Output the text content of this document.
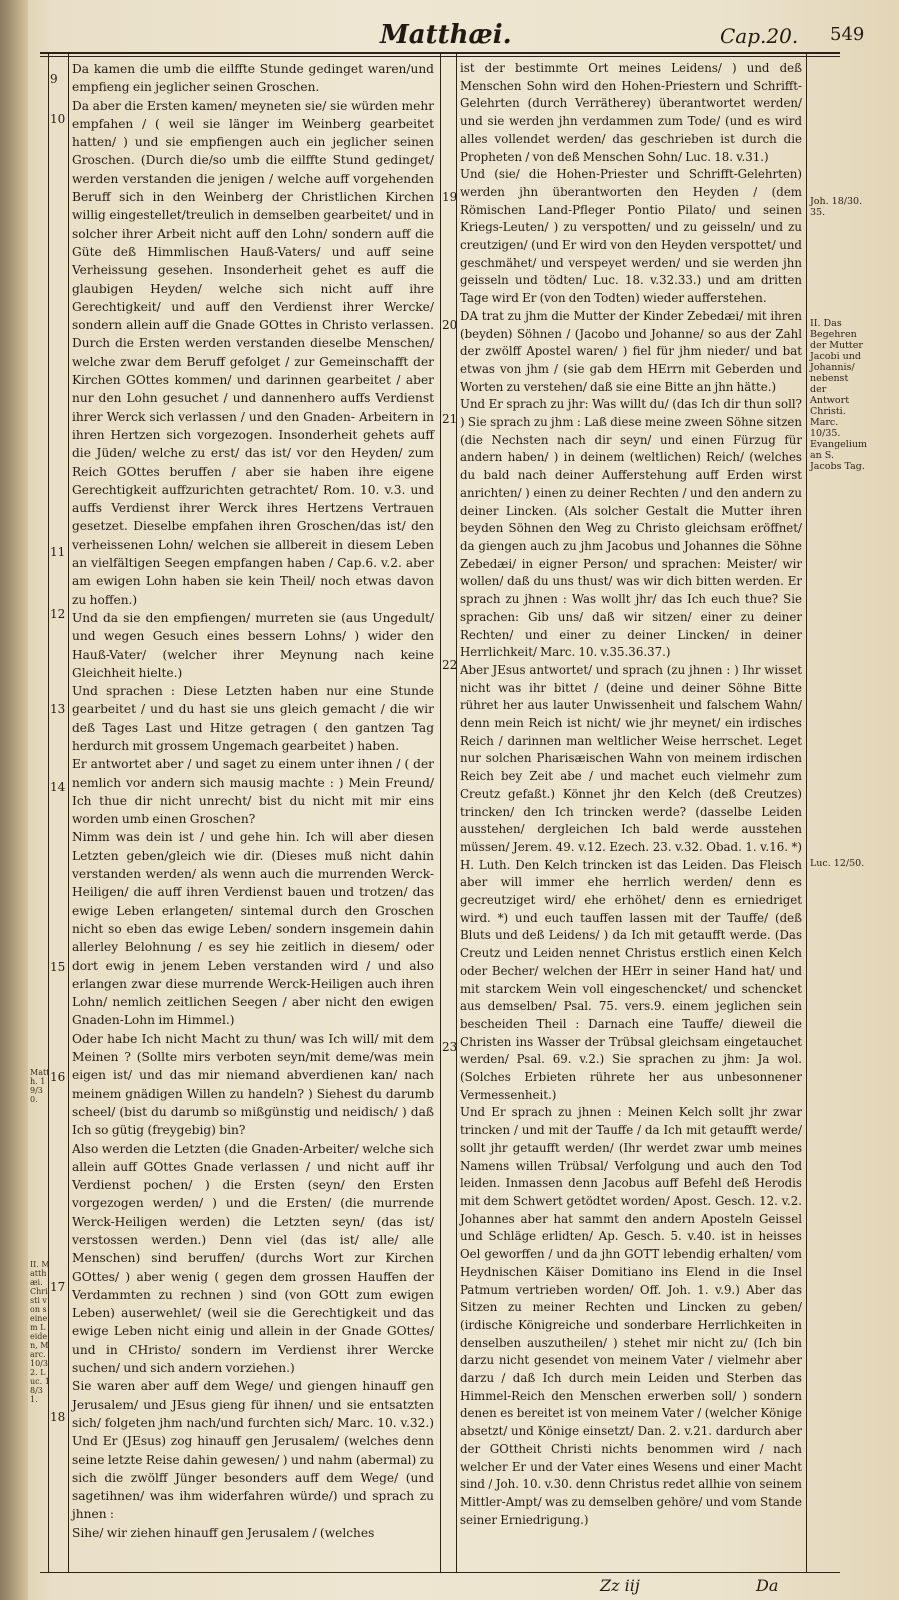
Matthæi.	Cap.20. 549
9
10
11
12
13
14
15
16
17
18
19
20
21
22
23
Joh. 18/30. 35.
II. Das Begehren der Mutter Jacobi und Johannis/ nebenst der Antwort Christi. Marc. 10/35. Evangelium an S. Jacobs Tag.
Luc. 12/50.
Matth. 19/30.
II. Matthæi. Christi von seinem Leiden, Marc. 10/32. Luc. 18/31.

Da kamen die umb die eilffte Stunde gedinget waren/und empfieng ein jeglicher seinen Groschen.

Da aber die Ersten kamen/ meyneten sie/ sie würden mehr empfahen / ( weil sie länger im Weinberg gearbeitet hatten/ ) und sie empfiengen auch ein jeglicher seinen Groschen. (Durch die/so umb die eilffte Stund gedinget/ werden verstanden die jenigen / welche auff vorgehenden Beruff sich in den Weinberg der Christlichen Kirchen willig eingestellet/treulich in demselben gearbeitet/ und in solcher ihrer Arbeit nicht auff den Lohn/ sondern auff die Güte deß Himmlischen Hauß-Vaters/ und auff seine Verheissung gesehen. Insonderheit gehet es auff die glaubigen Heyden/ welche sich nicht auff ihre Gerechtigkeit/ und auff den Verdienst ihrer Wercke/ sondern allein auff die Gnade GOttes in Christo verlassen. Durch die Ersten werden verstanden dieselbe Menschen/ welche zwar dem Beruff gefolget / zur Gemeinschafft der Kirchen GOttes kommen/ und darinnen gearbeitet / aber nur den Lohn gesuchet / und dannenhero auffs Verdienst ihrer Werck sich verlassen / und den Gnaden- Arbeitern in ihren Hertzen sich vorgezogen. Insonderheit gehets auff die Jüden/ welche zu erst/ das ist/ vor den Heyden/ zum Reich GOttes beruffen / aber sie haben ihre eigene Gerechtigkeit auffzurichten getrachtet/ Rom. 10. v.3. und auffs Verdienst ihrer Werck ihres Hertzens Vertrauen gesetzet. Dieselbe empfahen ihren Groschen/das ist/ den verheissenen Lohn/ welchen sie allbereit in diesem Leben an vielfältigen Seegen empfangen haben / Cap.6. v.2. aber am ewigen Lohn haben sie kein Theil/ noch etwas davon zu hoffen.)

Und da sie den empfiengen/ murreten sie (aus Ungedult/ und wegen Gesuch eines bessern Lohns/ ) wider den Hauß-Vater/ (welcher ihrer Meynung nach keine Gleichheit hielte.)

Und sprachen : Diese Letzten haben nur eine Stunde gearbeitet / und du hast sie uns gleich gemacht / die wir deß Tages Last und Hitze getragen ( den gantzen Tag herdurch mit grossem Ungemach gearbeitet ) haben.

Er antwortet aber / und saget zu einem unter ihnen / ( der nemlich vor andern sich mausig machte : ) Mein Freund/ Ich thue dir nicht unrecht/ bist du nicht mit mir eins worden umb einen Groschen?

Nimm was dein ist / und gehe hin. Ich will aber diesen Letzten geben/gleich wie dir. (Dieses muß nicht dahin verstanden werden/ als wenn auch die murrenden Werck-Heiligen/ die auff ihren Verdienst bauen und trotzen/ das ewige Leben erlangeten/ sintemal durch den Groschen nicht so eben das ewige Leben/ sondern insgemein dahin allerley Belohnung / es sey hie zeitlich in diesem/ oder dort ewig in jenem Leben verstanden wird / und also erlangen zwar diese murrende Werck-Heiligen auch ihren Lohn/ nemlich zeitlichen Seegen / aber nicht den ewigen Gnaden-Lohn im Himmel.)

Oder habe Ich nicht Macht zu thun/ was Ich will/ mit dem Meinen ? (Sollte mirs verboten seyn/mit deme/was mein eigen ist/ und das mir niemand abverdienen kan/ nach meinem gnädigen Willen zu handeln? ) Siehest du darumb scheel/ (bist du darumb so mißgünstig und neidisch/ ) daß Ich so gütig (freygebig) bin?

Also werden die Letzten (die Gnaden-Arbeiter/ welche sich allein auff GOttes Gnade verlassen / und nicht auff ihr Verdienst pochen/ ) die Ersten (seyn/ den Ersten vorgezogen werden/ ) und die Ersten/ (die murrende Werck-Heiligen werden) die Letzten seyn/ (das ist/ verstossen werden.) Denn viel (das ist/ alle/ alle Menschen) sind beruffen/ (durchs Wort zur Kirchen GOttes/ ) aber wenig ( gegen dem grossen Hauffen der Verdammten zu rechnen ) sind (von GOtt zum ewigen Leben) auserwehlet/ (weil sie die Gerechtigkeit und das ewige Leben nicht einig und allein in der Gnade GOttes/ und in CHristo/ sondern im Verdienst ihrer Wercke suchen/ und sich andern vorziehen.)

Sie waren aber auff dem Wege/ und giengen hinauff gen Jerusalem/ und JEsus gieng für ihnen/ und sie entsatzten sich/ folgeten jhm nach/und furchten sich/ Marc. 10. v.32.) Und Er (JEsus) zog hinauff gen Jerusalem/ (welches denn seine letzte Reise dahin gewesen/ ) und nahm (abermal) zu sich die zwölff Jünger besonders auff dem Wege/ (und sagetihnen/ was ihm widerfahren würde/) und sprach zu jhnen :

Sihe/ wir ziehen hinauff gen Jerusalem / (welches

ist der bestimmte Ort meines Leidens/ ) und deß Menschen Sohn wird den Hohen-Priestern und Schrifft-Gelehrten (durch Verrätherey) überantwortet werden/ und sie werden jhn verdammen zum Tode/ (und es wird alles vollendet werden/ das geschrieben ist durch die Propheten / von deß Menschen Sohn/ Luc. 18. v.31.)

Und (sie/ die Hohen-Priester und Schrifft-Gelehrten) werden jhn überantworten den Heyden / (dem Römischen Land-Pfleger Pontio Pilato/ und seinen Kriegs-Leuten/ ) zu verspotten/ und zu geisseln/ und zu creutzigen/ (und Er wird von den Heyden verspottet/ und geschmähet/ und verspeyet werden/ und sie werden jhn geisseln und tödten/ Luc. 18. v.32.33.) und am dritten Tage wird Er (von den Todten) wieder aufferstehen.

DA trat zu jhm die Mutter der Kinder Zebedæi/ mit ihren (beyden) Söhnen / (Jacobo und Johanne/ so aus der Zahl der zwölff Apostel waren/ ) fiel für jhm nieder/ und bat etwas von jhm / (sie gab dem HErrn mit Geberden und Worten zu verstehen/ daß sie eine Bitte an jhn hätte.)

Und Er sprach zu jhr: Was willt du/ (das Ich dir thun soll? ) Sie sprach zu jhm : Laß diese meine zween Söhne sitzen (die Nechsten nach dir seyn/ und einen Fürzug für andern haben/ ) in deinem (weltlichen) Reich/ (welches du bald nach deiner Aufferstehung auff Erden wirst anrichten/ ) einen zu deiner Rechten / und den andern zu deiner Lincken. (Als solcher Gestalt die Mutter ihren beyden Söhnen den Weg zu Christo gleichsam eröffnet/ da giengen auch zu jhm Jacobus und Johannes die Söhne Zebedæi/ in eigner Person/ und sprachen: Meister/ wir wollen/ daß du uns thust/ was wir dich bitten werden. Er sprach zu jhnen : Was wollt jhr/ das Ich euch thue? Sie sprachen: Gib uns/ daß wir sitzen/ einer zu deiner Rechten/ und einer zu deiner Lincken/ in deiner Herrlichkeit/ Marc. 10. v.35.36.37.)

Aber JEsus antwortet/ und sprach (zu jhnen : ) Ihr wisset nicht was ihr bittet / (deine und deiner Söhne Bitte rühret her aus lauter Unwissenheit und falschem Wahn/ denn mein Reich ist nicht/ wie jhr meynet/ ein irdisches Reich / darinnen man weltlicher Weise herrschet. Leget nur solchen Pharisæischen Wahn von meinem irdischen Reich bey Zeit abe / und machet euch vielmehr zum Creutz gefaßt.) Könnet jhr den Kelch (deß Creutzes) trincken/ den Ich trincken werde? (dasselbe Leiden ausstehen/ dergleichen Ich bald werde ausstehen müssen/ Jerem. 49. v.12. Ezech. 23. v.32. Obad. 1. v.16. *) H. Luth. Den Kelch trincken ist das Leiden. Das Fleisch aber will immer ehe herrlich werden/ denn es gecreutziget wird/ ehe erhöhet/ denn es erniedriget wird. *) und euch tauffen lassen mit der Tauffe/ (deß Bluts und deß Leidens/ ) da Ich mit getaufft werde. (Das Creutz und Leiden nennet Christus erstlich einen Kelch oder Becher/ welchen der HErr in seiner Hand hat/ und mit starckem Wein voll eingeschencket/ und schencket aus demselben/ Psal. 75. vers.9. einem jeglichen sein bescheiden Theil : Darnach eine Tauffe/ dieweil die Christen ins Wasser der Trübsal gleichsam eingetauchet werden/ Psal. 69. v.2.) Sie sprachen zu jhm: Ja wol. (Solches Erbieten rührete her aus unbesonnener Vermessenheit.)

Und Er sprach zu jhnen : Meinen Kelch sollt jhr zwar trincken / und mit der Tauffe / da Ich mit getaufft werde/ sollt jhr getaufft werden/ (Ihr werdet zwar umb meines Namens willen Trübsal/ Verfolgung und auch den Tod leiden. Inmassen denn Jacobus auff Befehl deß Herodis mit dem Schwert getödtet worden/ Apost. Gesch. 12. v.2. Johannes aber hat sammt den andern Aposteln Geissel und Schläge erlidten/ Ap. Gesch. 5. v.40. ist in heisses Oel geworffen / und da jhn GOTT lebendig erhalten/ vom Heydnischen Käiser Domitiano ins Elend in die Insel Patmum vertrieben worden/ Off. Joh. 1. v.9.) Aber das Sitzen zu meiner Rechten und Lincken zu geben/ (irdische Königreiche und sonderbare Herrlichkeiten in denselben auszutheilen/ ) stehet mir nicht zu/ (Ich bin darzu nicht gesendet von meinem Vater / vielmehr aber darzu / daß Ich durch mein Leiden und Sterben das Himmel-Reich den Menschen erwerben soll/ ) sondern denen es bereitet ist von meinem Vater / (welcher Könige absetzt/ und Könige einsetzt/ Dan. 2. v.21. dardurch aber der GOttheit Christi nichts benommen wird / nach welcher Er und der Vater eines Wesens und einer Macht sind / Joh. 10. v.30. denn Christus redet allhie von seinem Mittler-Ampt/ was zu demselben gehöre/ und vom Stande seiner Erniedrigung.)

Zz iij	Da
